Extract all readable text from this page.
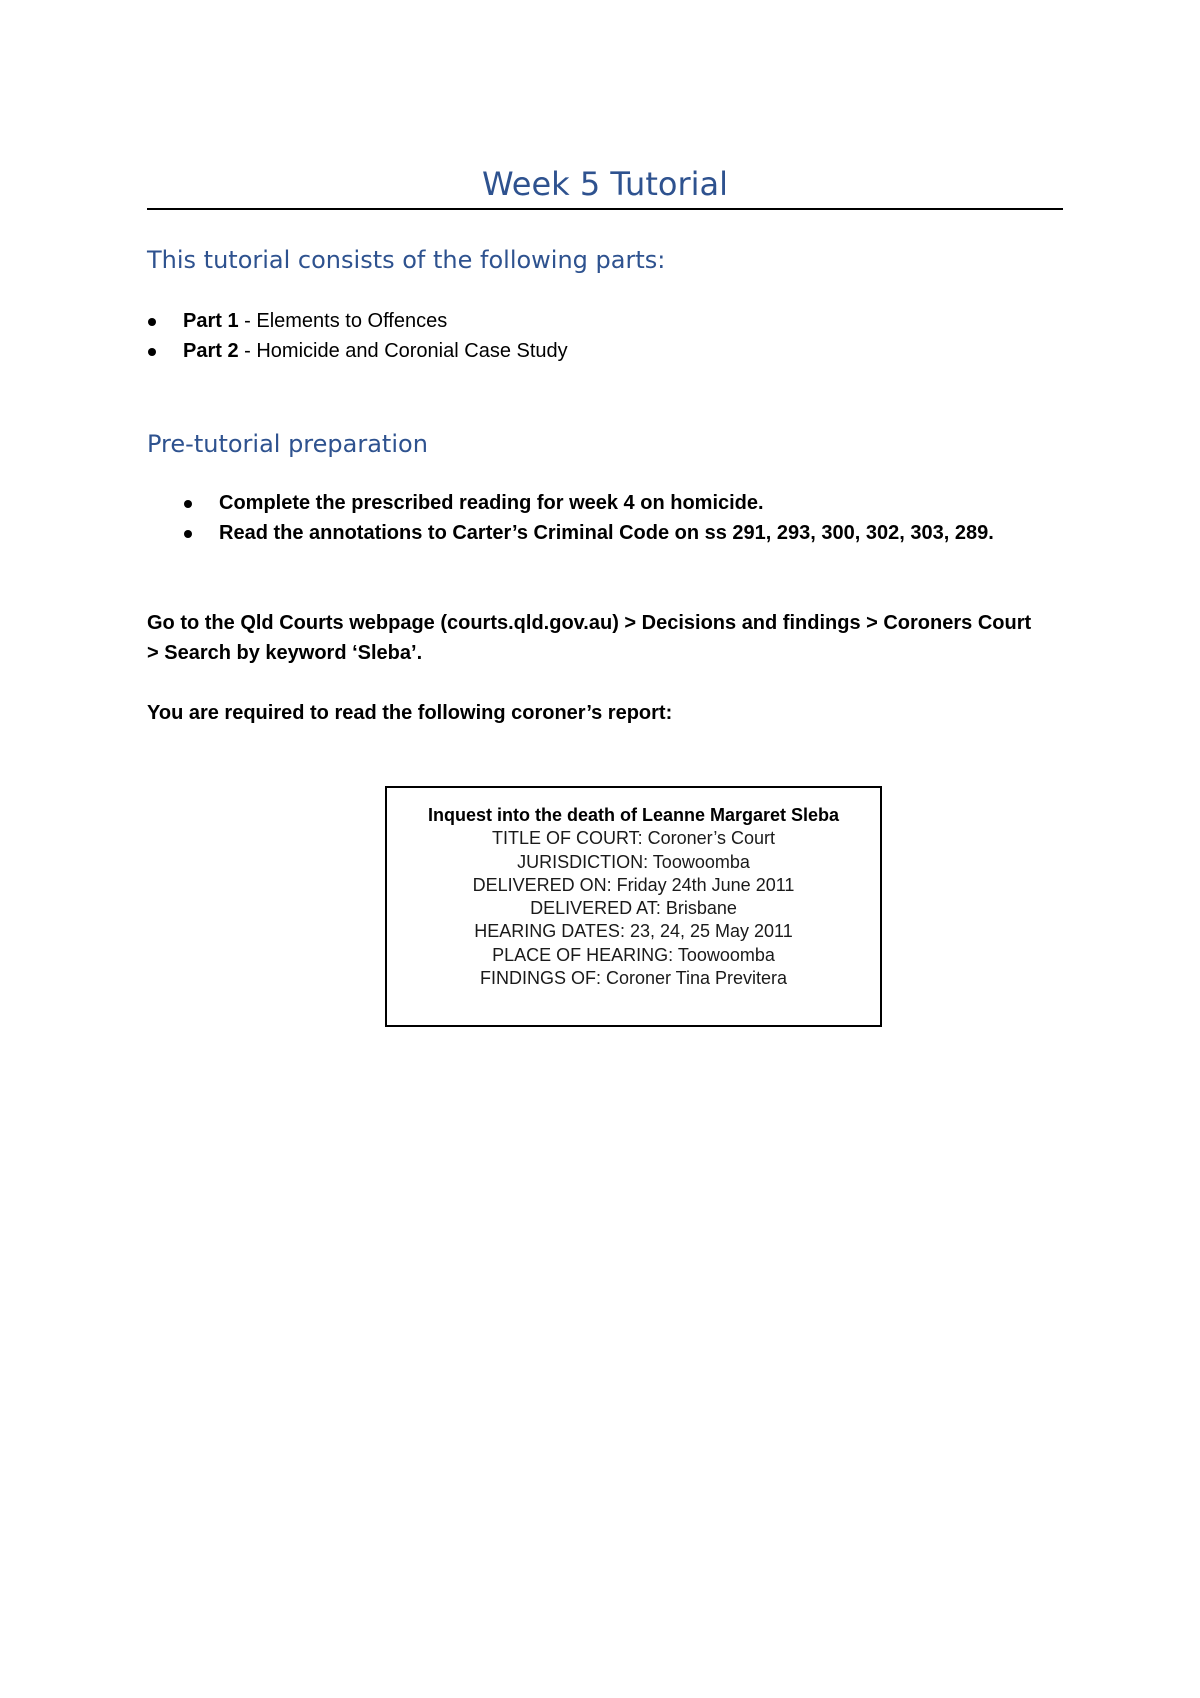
Week 5 Tutorial
This tutorial consists of the following parts:
Part 1 - Elements to Offences
Part 2 - Homicide and Coronial Case Study
Pre-tutorial preparation
Complete the prescribed reading for week 4 on homicide.
Read the annotations to Carter’s Criminal Code on ss 291, 293, 300, 302, 303, 289.
Go to the Qld Courts webpage (courts.qld.gov.au) > Decisions and findings > Coroners Court
> Search by keyword ‘Sleba’.
You are required to read the following coroner’s report:
Inquest into the death of Leanne Margaret Sleba
TITLE OF COURT: Coroner’s Court
JURISDICTION: Toowoomba
DELIVERED ON: Friday 24th June 2011
DELIVERED AT: Brisbane
HEARING DATES: 23, 24, 25 May 2011
PLACE OF HEARING: Toowoomba
FINDINGS OF: Coroner Tina Previtera
